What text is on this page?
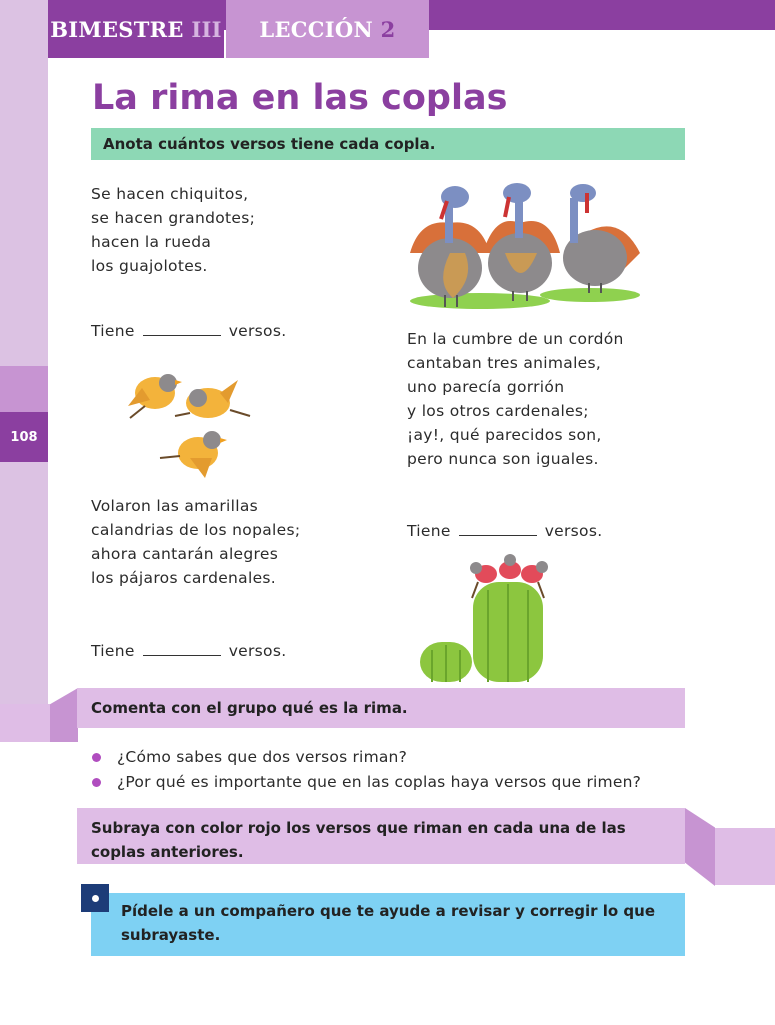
108
BIMESTRE III LECCIÓN 2
La rima en las coplas
Anota cuántos versos tiene cada copla.
Se hacen chiquitos,
se hacen grandotes;
hacen la rueda
los guajolotes.
Tiene	versos.	En la cumbre de un cordón
cantaban tres animales,
uno parecía gorrión
y los otros cardenales;
¡ay!, qué parecidos son,
pero nunca son iguales.
Volaron las amarillas
calandrias de los nopales;
ahora cantarán alegres
los pájaros cardenales.
Tiene	versos.
Tiene	versos.
Comenta con el grupo qué es la rima.
¿Cómo sabes que dos versos riman?
¿Por qué es importante que en las coplas haya versos que rimen?
Subraya con color rojo los versos que riman en cada una de las coplas anteriores.
Pídele a un compañero que te ayude a revisar y corregir lo que subrayaste.
